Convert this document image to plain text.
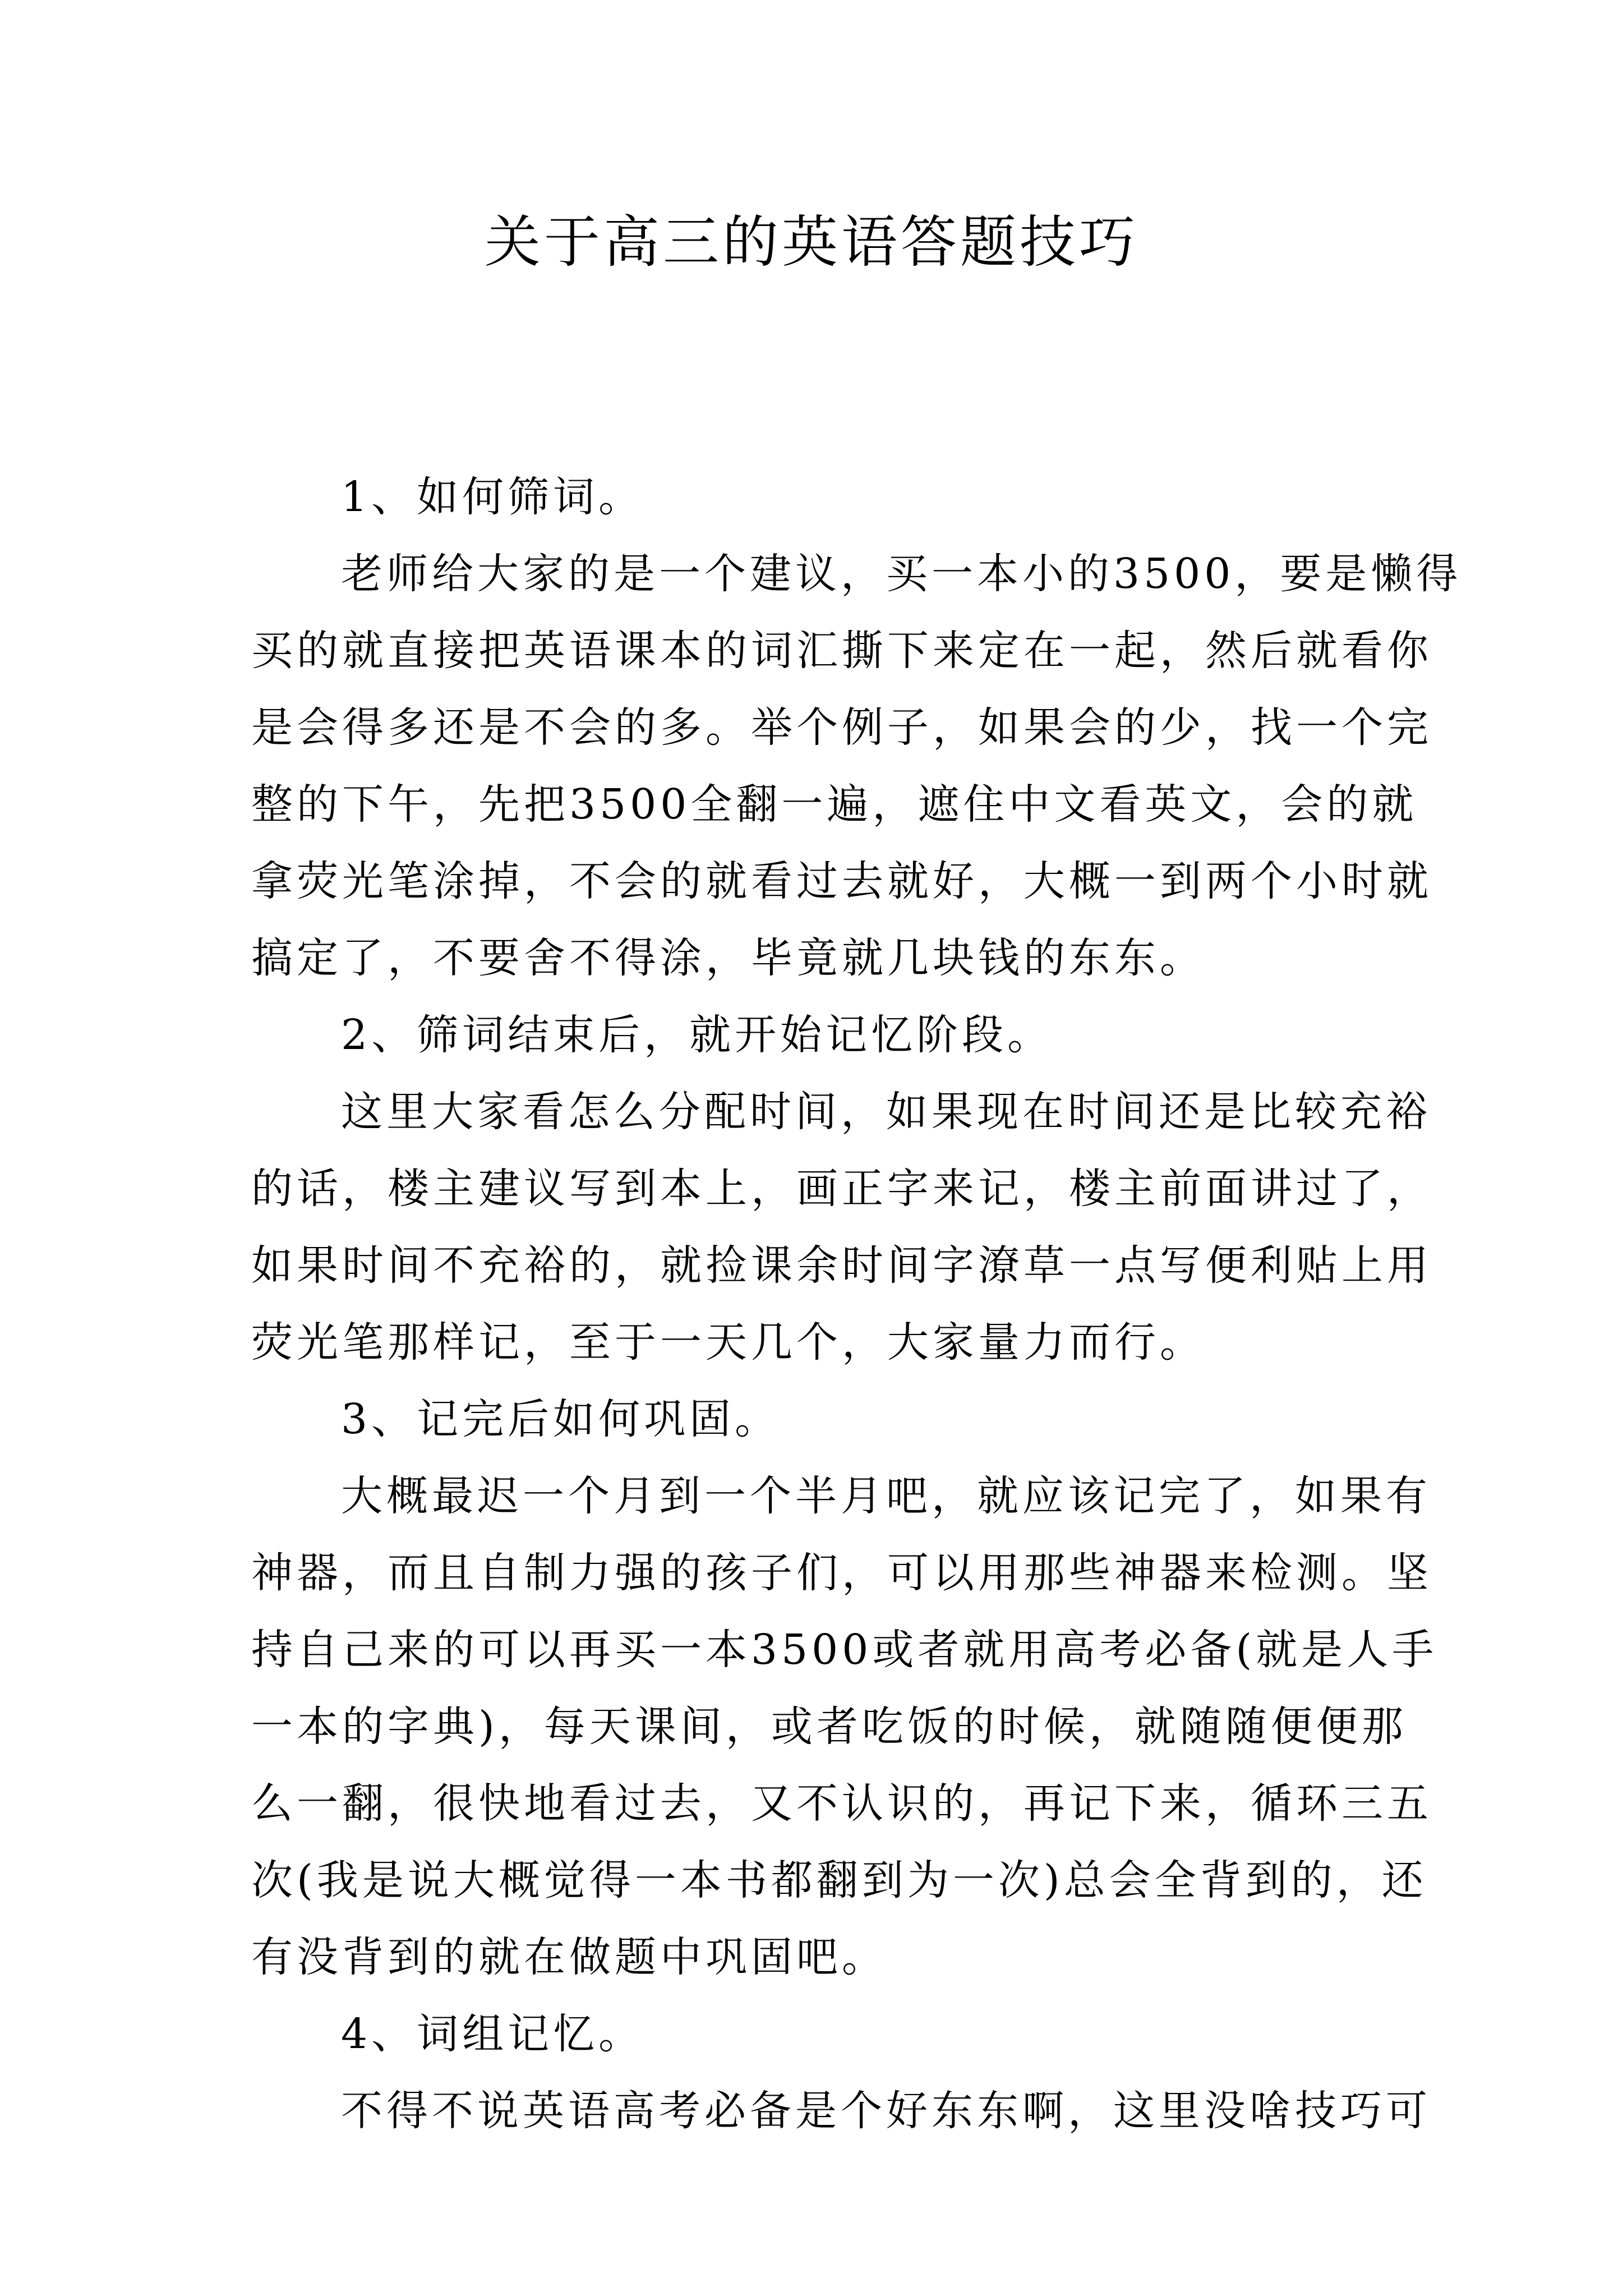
关于高三的英语答题技巧
1、如何筛词。
老师给大家的是一个建议，买一本小的3500，要是懒得
买的就直接把英语课本的词汇撕下来定在一起，然后就看你
是会得多还是不会的多。举个例子，如果会的少，找一个完
整的下午，先把3500全翻一遍，遮住中文看英文，会的就
拿荧光笔涂掉，不会的就看过去就好，大概一到两个小时就
搞定了，不要舍不得涂，毕竟就几块钱的东东。
2、筛词结束后，就开始记忆阶段。
这里大家看怎么分配时间，如果现在时间还是比较充裕
的话，楼主建议写到本上，画正字来记，楼主前面讲过了，
如果时间不充裕的，就捡课余时间字潦草一点写便利贴上用
荧光笔那样记，至于一天几个，大家量力而行。
3、记完后如何巩固。
大概最迟一个月到一个半月吧，就应该记完了，如果有
神器，而且自制力强的孩子们，可以用那些神器来检测。坚
持自己来的可以再买一本3500或者就用高考必备(就是人手
一本的字典)，每天课间，或者吃饭的时候，就随随便便那
么一翻，很快地看过去，又不认识的，再记下来，循环三五
次(我是说大概觉得一本书都翻到为一次)总会全背到的，还
有没背到的就在做题中巩固吧。
4、词组记忆。
不得不说英语高考必备是个好东东啊，这里没啥技巧可
